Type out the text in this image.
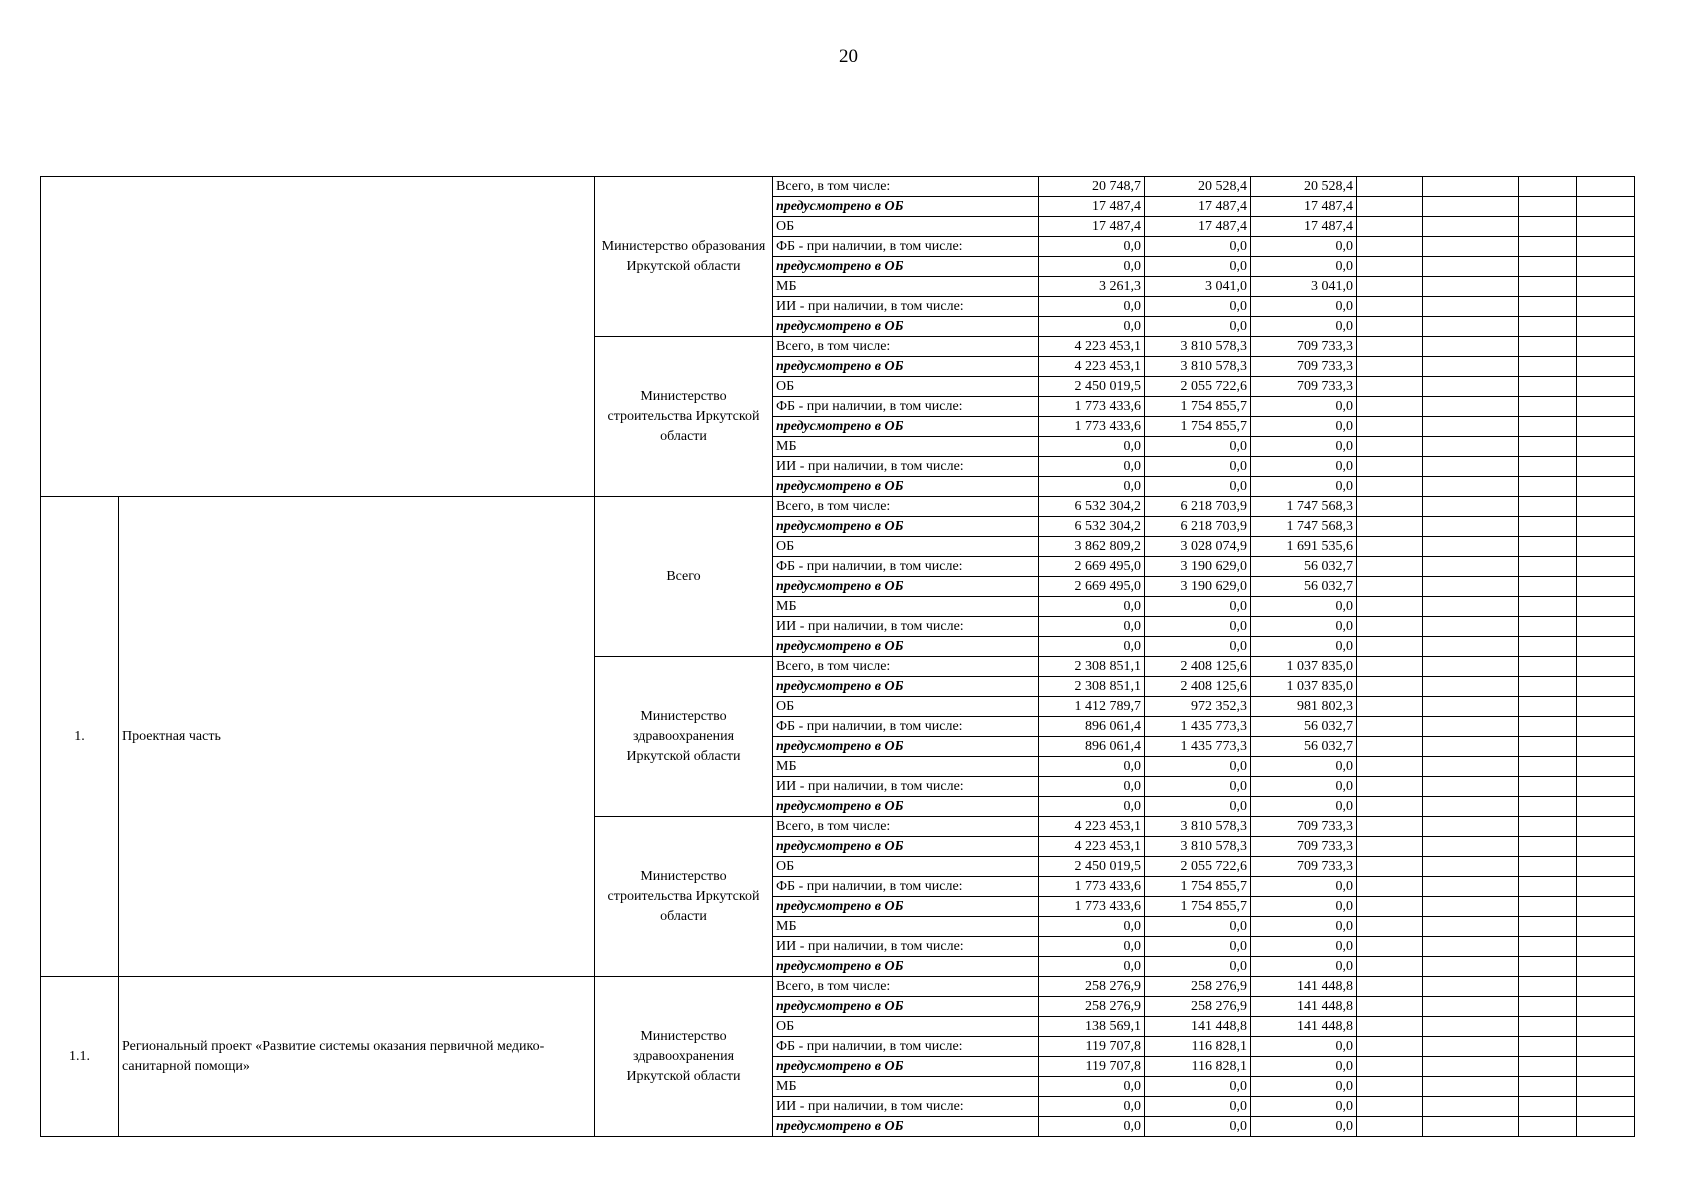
20
		Министерство образования Иркутской области	Всего, в том числе:	20 748,7	20 528,4	20 528,4				
			предусмотрено в ОБ	17 487,4	17 487,4	17 487,4				
			ОБ	17 487,4	17 487,4	17 487,4				
			ФБ - при наличии, в том числе:	0,0	0,0	0,0				
			предусмотрено в ОБ	0,0	0,0	0,0				
			МБ	3 261,3	3 041,0	3 041,0				
			ИИ - при наличии, в том числе:	0,0	0,0	0,0				
			предусмотрено в ОБ	0,0	0,0	0,0				
		Министерство строительства Иркутской области	Всего, в том числе:	4 223 453,1	3 810 578,3	709 733,3				
			предусмотрено в ОБ	4 223 453,1	3 810 578,3	709 733,3				
			ОБ	2 450 019,5	2 055 722,6	709 733,3				
			ФБ - при наличии, в том числе:	1 773 433,6	1 754 855,7	0,0				
			предусмотрено в ОБ	1 773 433,6	1 754 855,7	0,0				
			МБ	0,0	0,0	0,0				
			ИИ - при наличии, в том числе:	0,0	0,0	0,0				
			предусмотрено в ОБ	0,0	0,0	0,0				
1.	Проектная часть	Всего	Всего, в том числе:	6 532 304,2	6 218 703,9	1 747 568,3				
			предусмотрено в ОБ	6 532 304,2	6 218 703,9	1 747 568,3				
			ОБ	3 862 809,2	3 028 074,9	1 691 535,6				
			ФБ - при наличии, в том числе:	2 669 495,0	3 190 629,0	56 032,7				
			предусмотрено в ОБ	2 669 495,0	3 190 629,0	56 032,7				
			МБ	0,0	0,0	0,0				
			ИИ - при наличии, в том числе:	0,0	0,0	0,0				
			предусмотрено в ОБ	0,0	0,0	0,0				
		Министерство здравоохранения Иркутской области	Всего, в том числе:	2 308 851,1	2 408 125,6	1 037 835,0				
			предусмотрено в ОБ	2 308 851,1	2 408 125,6	1 037 835,0				
			ОБ	1 412 789,7	972 352,3	981 802,3				
			ФБ - при наличии, в том числе:	896 061,4	1 435 773,3	56 032,7				
			предусмотрено в ОБ	896 061,4	1 435 773,3	56 032,7				
			МБ	0,0	0,0	0,0				
			ИИ - при наличии, в том числе:	0,0	0,0	0,0				
			предусмотрено в ОБ	0,0	0,0	0,0				
		Министерство строительства Иркутской области	Всего, в том числе:	4 223 453,1	3 810 578,3	709 733,3				
			предусмотрено в ОБ	4 223 453,1	3 810 578,3	709 733,3				
			ОБ	2 450 019,5	2 055 722,6	709 733,3				
			ФБ - при наличии, в том числе:	1 773 433,6	1 754 855,7	0,0				
			предусмотрено в ОБ	1 773 433,6	1 754 855,7	0,0				
			МБ	0,0	0,0	0,0				
			ИИ - при наличии, в том числе:	0,0	0,0	0,0				
			предусмотрено в ОБ	0,0	0,0	0,0				
1.1.	Региональный проект «Развитие системы оказания первичной медико-санитарной помощи»	Министерство здравоохранения Иркутской области	Всего, в том числе:	258 276,9	258 276,9	141 448,8				
			предусмотрено в ОБ	258 276,9	258 276,9	141 448,8				
			ОБ	138 569,1	141 448,8	141 448,8				
			ФБ - при наличии, в том числе:	119 707,8	116 828,1	0,0				
			предусмотрено в ОБ	119 707,8	116 828,1	0,0				
			МБ	0,0	0,0	0,0				
			ИИ - при наличии, в том числе:	0,0	0,0	0,0				
			предусмотрено в ОБ	0,0	0,0	0,0				
